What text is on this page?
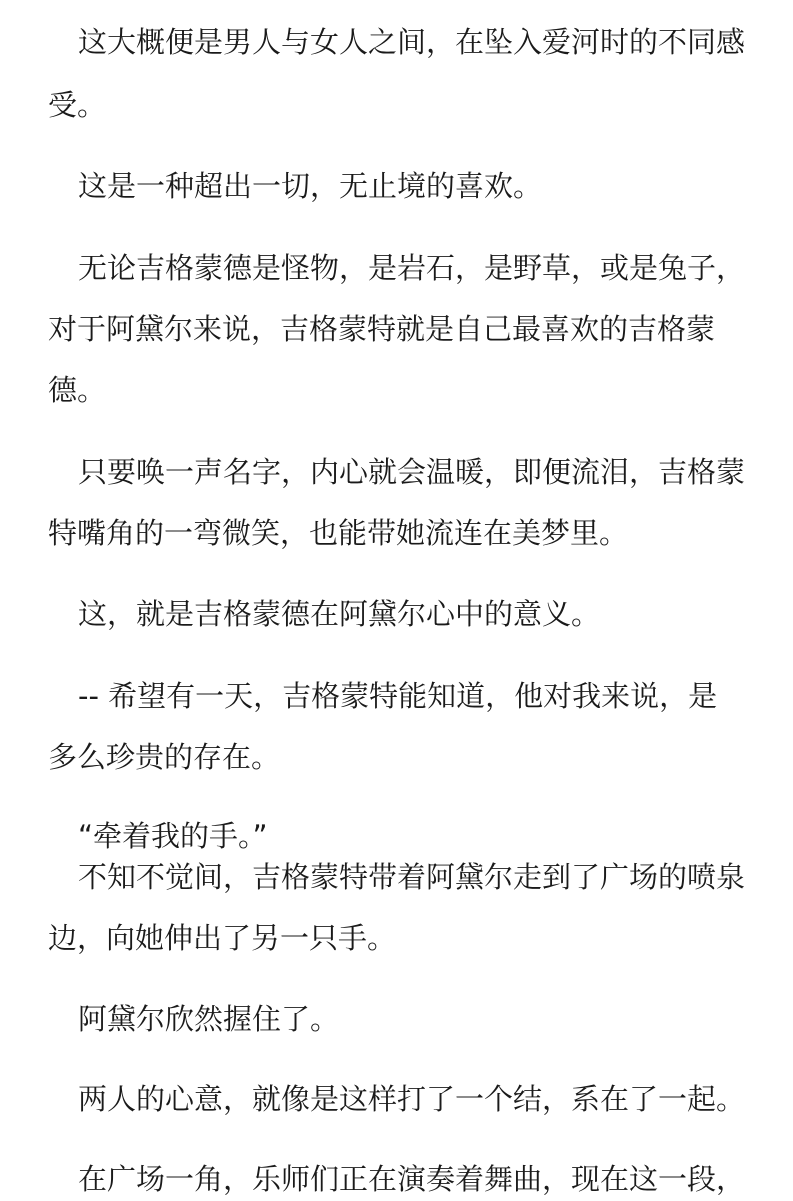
这大概便是男人与女人之间，在坠入爱河时的不同感
受。
这是一种超出一切，无止境的喜欢。
无论吉格蒙德是怪物，是岩石，是野草，或是兔子，
对于阿黛尔来说，吉格蒙特就是自己最喜欢的吉格蒙
德。
只要唤一声名字，内心就会温暖，即便流泪，吉格蒙
特嘴角的一弯微笑，也能带她流连在美梦里。
这，就是吉格蒙德在阿黛尔心中的意义。
-- 希望有一天，吉格蒙特能知道，他对我来说，是
多么珍贵的存在。
“牵着我的手。”
不知不觉间，吉格蒙特带着阿黛尔走到了广场的喷泉
边，向她伸出了另一只手。
阿黛尔欣然握住了。
两人的心意，就像是这样打了一个结，系在了一起。
在广场一角，乐师们正在演奏着舞曲，现在这一段，
